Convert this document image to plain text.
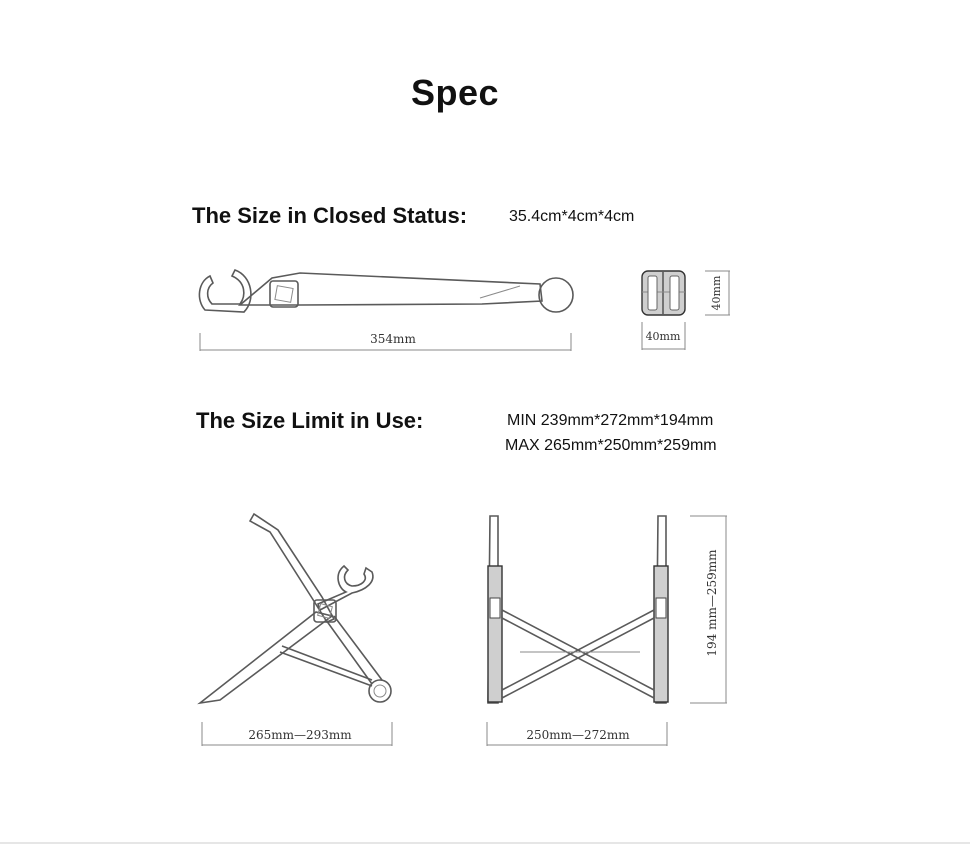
Spec
The Size in Closed Status:	35.4cm*4cm*4cm
The Size Limit in Use:	MIN 239mm*272mm*194mm
MAX 265mm*250mm*259mm
354mm	40mm
40mm
265mm—293mm	250mm—272mm
194 mm—259mm
